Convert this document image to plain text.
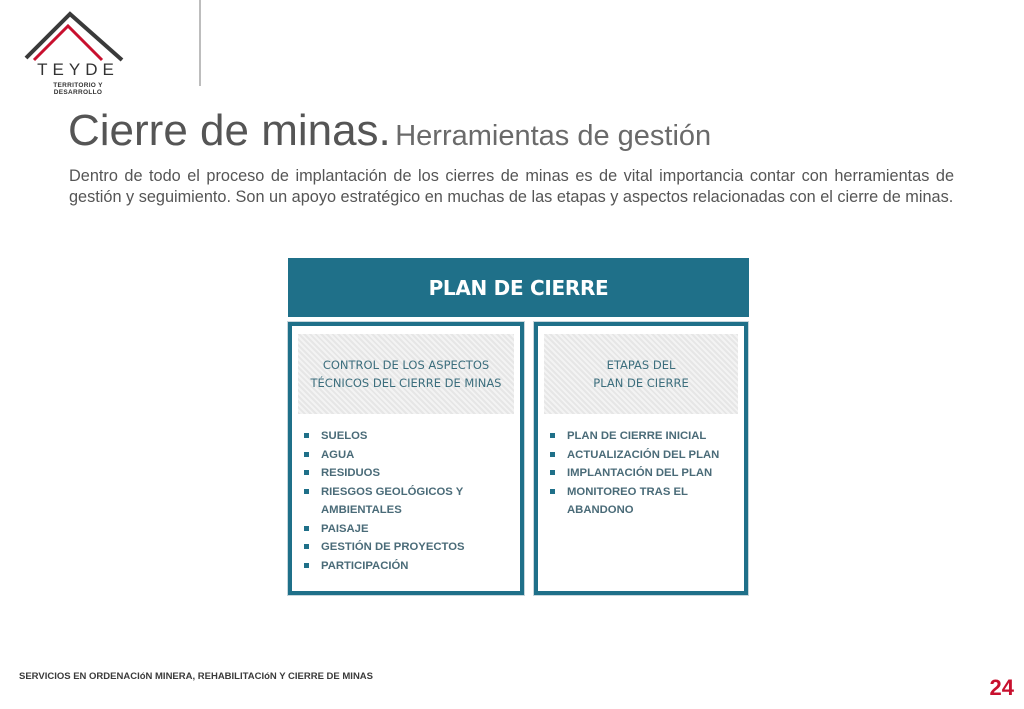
TEYDE
TERRITORIO Y DESARROLLO
Cierre de minas. Herramientas de gestión
Dentro de todo el proceso de implantación de los cierres de minas es de vital importancia contar con herramientas de gestión y seguimiento. Son un apoyo estratégico en muchas de las etapas y aspectos relacionadas con el cierre de minas.
PLAN DE CIERRE
CONTROL DE LOS ASPECTOS
TÉCNICOS DEL CIERRE DE MINAS
SUELOS
AGUA
RESIDUOS
RIESGOS GEOLÓGICOS Y AMBIENTALES
PAISAJE
GESTIÓN DE PROYECTOS
PARTICIPACIÓN
ETAPAS DEL
PLAN DE CIERRE
PLAN DE CIERRE INICIAL
ACTUALIZACIÓN DEL PLAN
IMPLANTACIÓN DEL PLAN
MONITOREO TRAS EL ABANDONO
SERVICIOS EN ORDENACIóN MINERA, REHABILITACIóN Y CIERRE DE MINAS	24
